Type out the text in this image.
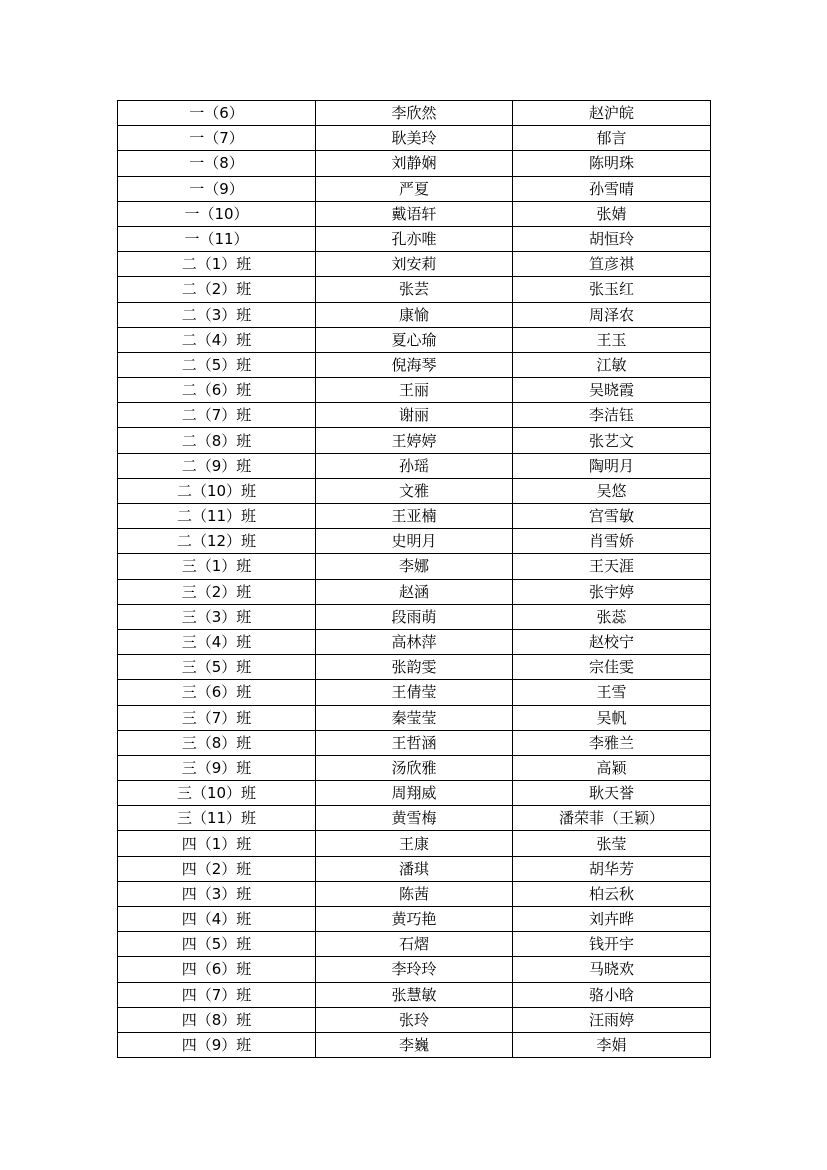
一（6）	李欣然	赵沪皖
一（7）	耿美玲	郁言
一（8）	刘静娴	陈明珠
一（9）	严夏	孙雪晴
一（10）	戴语轩	张婧
一（11）	孔亦唯	胡恒玲
二（1）班	刘安莉	笪彦祺
二（2）班	张芸	张玉红
二（3）班	康愉	周泽农
二（4）班	夏心瑜	王玉
二（5）班	倪海琴	江敏
二（6）班	王丽	吴晓霞
二（7）班	谢丽	李洁钰
二（8）班	王婷婷	张艺文
二（9）班	孙瑶	陶明月
二（10）班	文雅	吴悠
二（11）班	王亚楠	宫雪敏
二（12）班	史明月	肖雪娇
三（1）班	李娜	王天涯
三（2）班	赵涵	张宇婷
三（3）班	段雨萌	张蕊
三（4）班	高林萍	赵校宁
三（5）班	张韵雯	宗佳雯
三（6）班	王倩莹	王雪
三（7）班	秦莹莹	吴帆
三（8）班	王哲涵	李雅兰
三（9）班	汤欣雅	高颖
三（10）班	周翔威	耿天誉
三（11）班	黄雪梅	潘荣菲（王颖）
四（1）班	王康	张莹
四（2）班	潘琪	胡华芳
四（3）班	陈茜	柏云秋
四（4）班	黄巧艳	刘卉晔
四（5）班	石熠	钱开宇
四（6）班	李玲玲	马晓欢
四（7）班	张慧敏	骆小晗
四（8）班	张玲	汪雨婷
四（9）班	李巍	李娟
